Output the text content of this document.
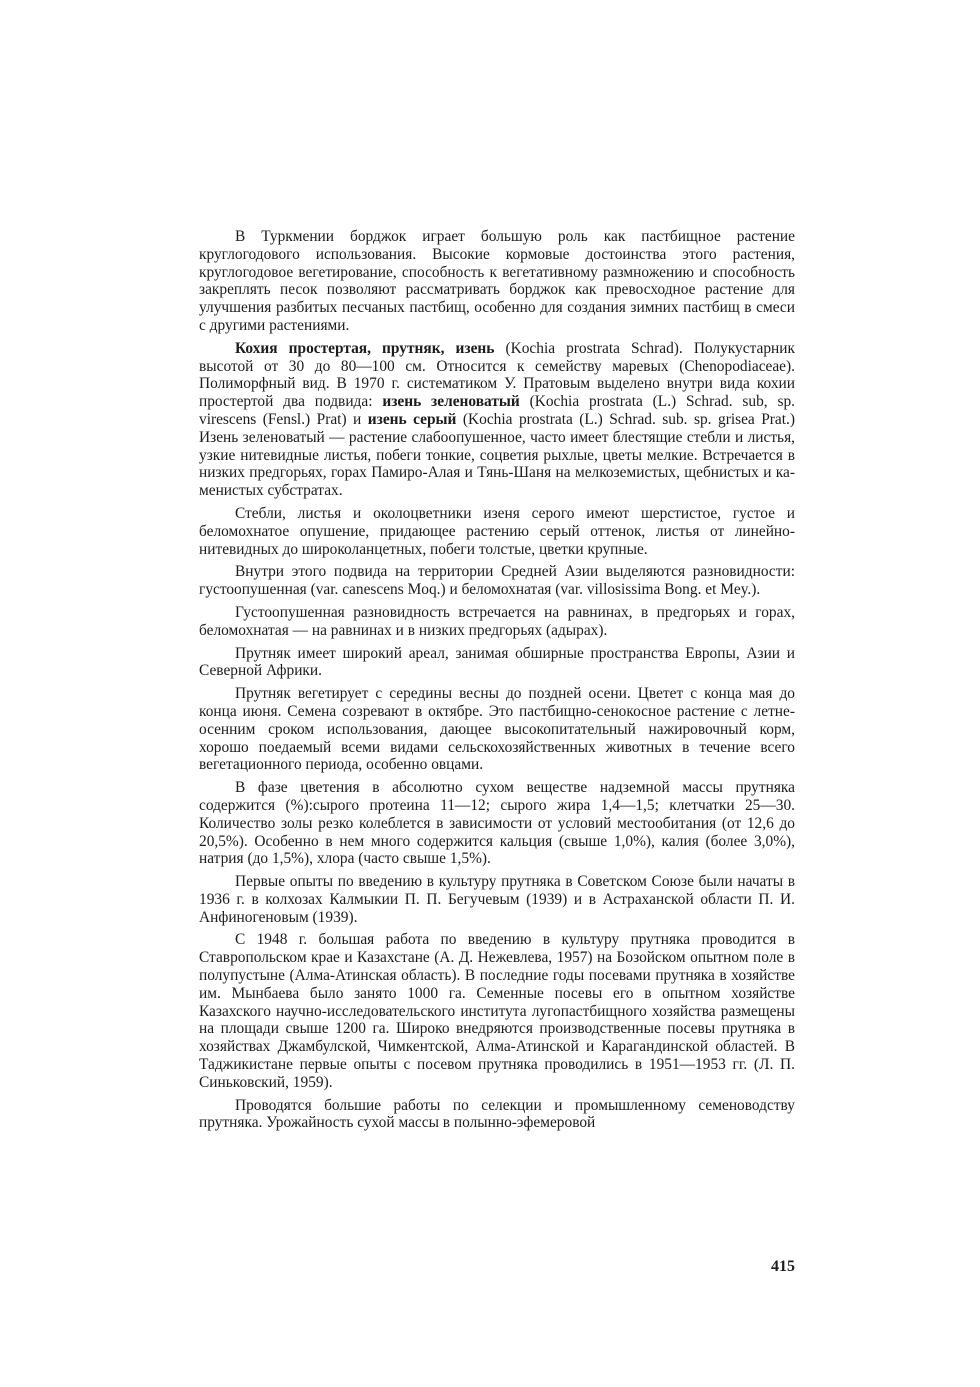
В Туркмении борджок играет большую роль как пастбищное растение круглогодового использования. Высокие кормовые достоинства этого растения, круглогодовое вегетирование, способность к вегетативному размножению и способность закреплять песок позволяют рассматривать борджок как превосходное растение для улучшения разбитых песчаных пастбищ, особенно для создания зимних пастбищ в смеси с другими растениями.

Кохия простертая, прутняк, изень (Kochia prostrata Schrad). Полукустарник высотой от 30 до 80—100 см. Относится к семейству маревых (Chenopodiaceae). Полиморфный вид. В 1970 г. систематиком У. Пратовым выделено внутри вида кохии простертой два подвида: изень зеленоватый (Kochia prostrata (L.) Schrad. sub, sp. virescens (Fensl.) Prat) и изень серый (Kochia prostrata (L.) Schrad. sub. sp. grisea Prat.) Изень зеленоватый — растение слабоопушенное, часто имеет блестящие стебли и листья, узкие нитевидные листья, побеги тонкие, соцветия рыхлые, цветы мелкие. Встречается в низких предгорьях, горах Памиро-Алая и Тянь-Шаня на мелкоземистых, щебнистых и каменистых субстратах.

Стебли, листья и околоцветники изеня серого имеют шерстистое, густое и беломохнатое опушение, придающее растению серый оттенок, листья от линейно-нитевидных до широколанцетных, побеги толстые, цветки крупные.

Внутри этого подвида на территории Средней Азии выделяются разновидности: густоопушенная (var. canescens Moq.) и беломохнатая (var. villosissima Bong. et Mey.).

Густоопушенная разновидность встречается на равнинах, в предгорьях и горах, беломохнатая — на равнинах и в низких предгорьях (адырах).

Прутняк имеет широкий ареал, занимая обширные пространства Европы, Азии и Северной Африки.

Прутняк вегетирует с середины весны до поздней осени. Цветет с конца мая до конца июня. Семена созревают в октябре. Это пастбищно-сенокосное растение с летне-осенним сроком использования, дающее высокопитательный нажировочный корм, хорошо поедаемый всеми видами сельскохозяйственных животных в течение всего вегетационного периода, особенно овцами.

В фазе цветения в абсолютно сухом веществе надземной массы прутняка содержится (%):сырого протеина 11—12; сырого жира 1,4—1,5; клетчатки 25—30. Количество золы резко колеблется в зависимости от условий местообитания (от 12,6 до 20,5%). Особенно в нем много содержится кальция (свыше 1,0%), калия (более 3,0%), натрия (до 1,5%), хлора (часто свыше 1,5%).

Первые опыты по введению в культуру прутняка в Советском Союзе были начаты в 1936 г. в колхозах Калмыкии П. П. Бегучевым (1939) и в Астраханской области П. И. Анфиногеновым (1939).

С 1948 г. большая работа по введению в культуру прутняка проводится в Ставропольском крае и Казахстане (А. Д. Нежевлева, 1957) на Бозойском опытном поле в полупустыне (Алма-Атинская область). В последние годы посевами прутняка в хозяйстве им. Мынбаева было занято 1000 га. Семенные посевы его в опытном хозяйстве Казахского научно-исследовательского института лугопастбищного хозяйства размещены на площади свыше 1200 га. Широко внедряются производственные посевы прутняка в хозяйствах Джамбулской, Чимкентской, Алма-Атинской и Карагандинской областей. В Таджикистане первые опыты с посевом прутняка проводились в 1951—1953 гг. (Л. П. Синьковский, 1959).

Проводятся большие работы по селекции и промышленному семеноводству прутняка. Урожайность сухой массы в полынно-эфемеровой

415
